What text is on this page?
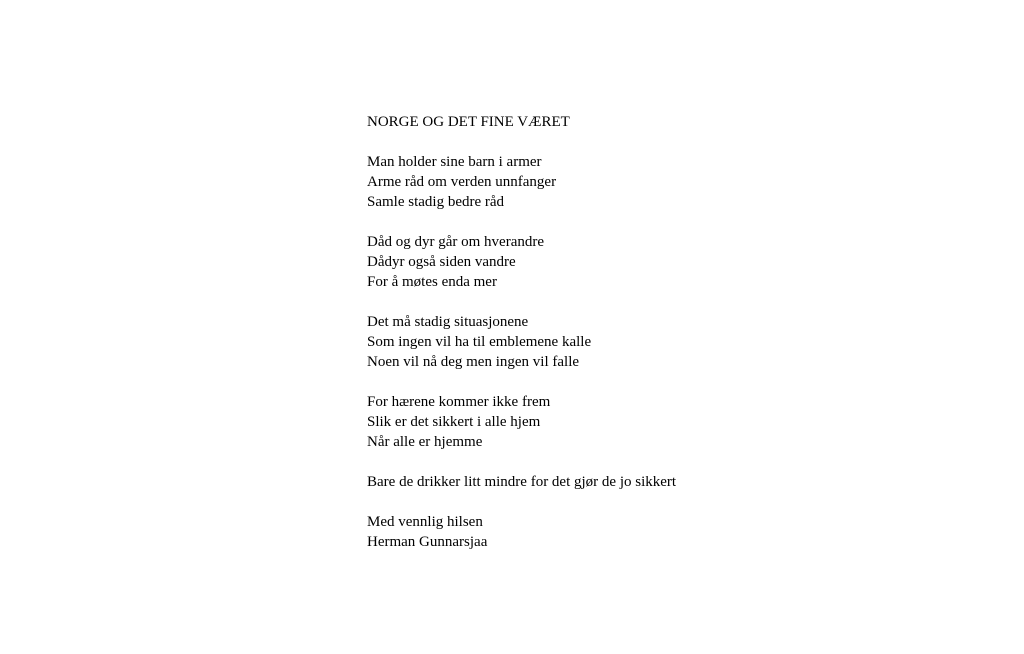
NORGE OG DET FINE VÆRET
Man holder sine barn i armer
Arme råd om verden unnfanger
Samle stadig bedre råd
Dåd og dyr går om hverandre
Dådyr også siden vandre
For å møtes enda mer
Det må stadig situasjonene
Som ingen vil ha til emblemene kalle
Noen vil nå deg men ingen vil falle
For hærene kommer ikke frem
Slik er det sikkert i alle hjem
Når alle er hjemme
Bare de drikker litt mindre for det gjør de jo sikkert
Med vennlig hilsen
Herman Gunnarsjaa
